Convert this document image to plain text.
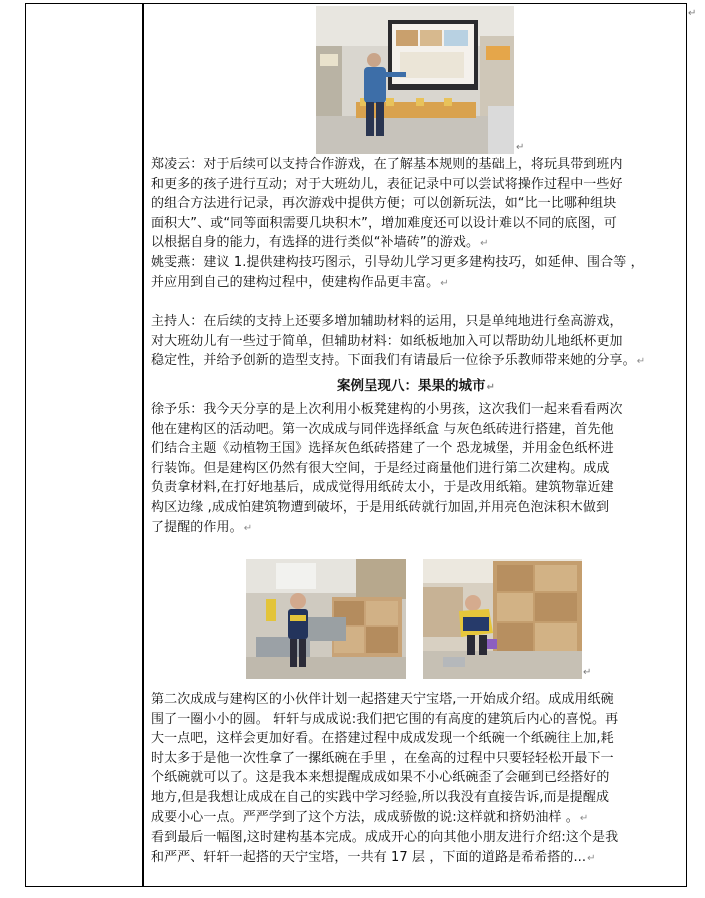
↵
↵
郑凌云：对于后续可以支持合作游戏，在了解基本规则的基础上，将玩具带到班内
和更多的孩子进行互动；对于大班幼儿，表征记录中可以尝试将操作过程中一些好
的组合方法进行记录，再次游戏中提供方便；可以创新玩法，如“比一比哪种组块
面积大”、或“同等面积需要几块积木”，增加难度还可以设计难以不同的底图，可
以根据自身的能力，有选择的进行类似“补墙砖”的游戏。↵
姚雯燕：建议 1.提供建构技巧图示，引导幼儿学习更多建构技巧，如延伸、围合等 ，
并应用到自己的建构过程中，使建构作品更丰富。↵
主持人：在后续的支持上还要多增加辅助材料的运用，只是单纯地进行垒高游戏，
对大班幼儿有一些过于简单，但辅助材料：如纸板地加入可以帮助幼儿地纸杯更加
稳定性，并给予创新的造型支持。下面我们有请最后一位徐予乐教师带来她的分享。↵
案例呈现八：果果的城市↵
徐予乐：我今天分享的是上次利用小板凳建构的小男孩，这次我们一起来看看两次
他在建构区的活动吧。第一次成成与同伴选择纸盒 与灰色纸砖进行搭建，首先他
们结合主题《动植物王国》选择灰色纸砖搭建了一个 恐龙城堡，并用金色纸杯进
行装饰。但是建构区仍然有很大空间，于是经过商量他们进行第二次建构。成成
负责拿材料,在打好地基后，成成觉得用纸砖太小，于是改用纸箱。建筑物靠近建
构区边缘 ,成成怕建筑物遭到破坏，于是用纸砖就行加固,并用亮色泡沫积木做到
了提醒的作用。↵
↵
第二次成成与建构区的小伙伴计划一起搭建天宁宝塔,一开始成介绍。成成用纸碗
围了一圈小小的圆。 轩轩与成成说:我们把它围的有高度的建筑后内心的喜悦。再
大一点吧，这样会更加好看。在搭建过程中成成发现一个纸碗一个纸碗往上加,耗
时太多于是他一次性拿了一摞纸碗在手里 ，在垒高的过程中只要轻轻松开最下一
个纸碗就可以了。这是我本来想提醒成成如果不小心纸碗歪了会砸到已经搭好的
地方,但是我想让成成在自己的实践中学习经验,所以我没有直接告诉,而是提醒成
成要小心一点。严严学到了这个方法，成成骄傲的说:这样就和挤奶油样 。↵
看到最后一幅图,这时建构基本完成。成成开心的向其他小朋友进行介绍:这个是我
和严严、轩轩一起搭的天宁宝塔，一共有 17 层 ，下面的道路是希希搭的...↵
